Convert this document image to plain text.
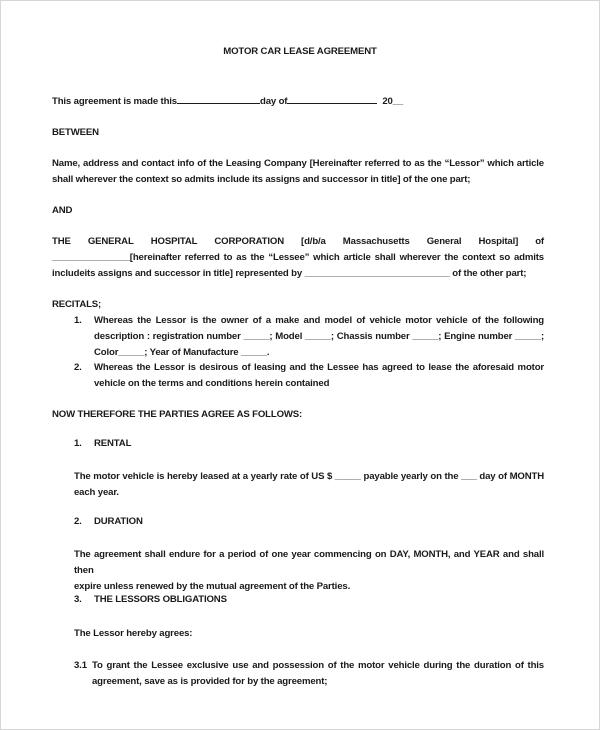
MOTOR CAR LEASE AGREEMENT
This agreement is made this	day of	20__
BETWEEN
Name, address and contact info of the Leasing Company [Hereinafter referred to as the “Lessor” which article
shall wherever the context so admits include its assigns and successor in title] of the one part;
AND
THE GENERAL HOSPITAL CORPORATION [d/b/a Massachusetts General Hospital] of
_______________[hereinafter referred to as the “Lessee” which article shall wherever the context so admits
includeits assigns and successor in title] represented by ____________________________ of the other part;
RECITALS;
1. Whereas the Lessor is the owner of a make and model of vehicle motor vehicle of the following
description : registration number _____; Model _____; Chassis number _____; Engine number _____;
Color_____; Year of Manufacture _____.
2. Whereas the Lessor is desirous of leasing and the Lessee has agreed to lease the aforesaid motor
vehicle on the terms and conditions herein contained
NOW THEREFORE THE PARTIES AGREE AS FOLLOWS:
1. RENTAL
The motor vehicle is hereby leased at a yearly rate of US $ _____ payable yearly on the ___ day of MONTH
each year.
2. DURATION
The agreement shall endure for a period of one year commencing on DAY, MONTH, and YEAR and shall then
expire unless renewed by the mutual agreement of the Parties.
3. THE LESSORS OBLIGATIONS
The Lessor hereby agrees:
3.1 To grant the Lessee exclusive use and possession of the motor vehicle during the duration of this
agreement, save as is provided for by the agreement;
